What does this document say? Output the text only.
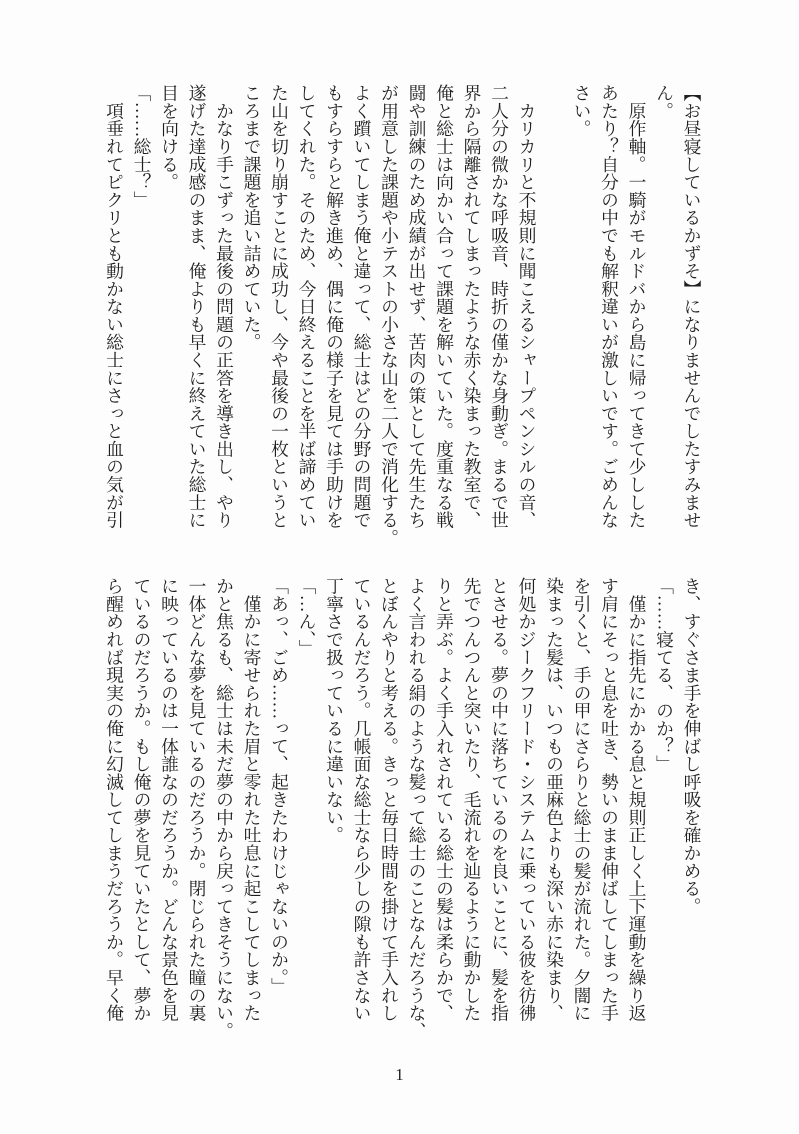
【お昼寝しているかずそ】になりませんでしたすみませ

ん。

　原作軸。一騎がモルドバから島に帰ってきて少しした

あたり？自分の中でも解釈違いが激しいです。ごめんな

さい。

　カリカリと不規則に聞こえるシャープペンシルの音、

二人分の微かな呼吸音、時折の僅かな身動ぎ。まるで世

界から隔離されてしまったような赤く染まった教室で、

俺と総士は向かい合って課題を解いていた。度重なる戦

闘や訓練のため成績が出せず、苦肉の策として先生たち

が用意した課題や小テストの小さな山を二人で消化する。

よく躓いてしまう俺と違って、総士はどの分野の問題で

もすらすらと解き進め、偶に俺の様子を見ては手助けを

してくれた。そのため、今日終えることを半ば諦めてい

た山を切り崩すことに成功し、今や最後の一枚というと

ころまで課題を追い詰めていた。

　かなり手こずった最後の問題の正答を導き出し、やり

遂げた達成感のまま、俺よりも早くに終えていた総士に

目を向ける。

「……総士？」

　項垂れてピクリとも動かない総士にさっと血の気が引

き、すぐさま手を伸ばし呼吸を確かめる。

「……寝てる、のか？」

　僅かに指先にかかる息と規則正しく上下運動を繰り返

す肩にそっと息を吐き、勢いのまま伸ばしてしまった手

を引くと、手の甲にさらりと総士の髪が流れた。夕闇に

染まった髪は、いつもの亜麻色よりも深い赤に染まり、

何処かジークフリード・システムに乗っている彼を彷彿

とさせる。夢の中に落ちているのを良いことに、髪を指

先でつんつんと突いたり、毛流れを辿るように動かした

りと弄ぶ。よく手入れされている総士の髪は柔らかで、

よく言われる絹のような髪って総士のことなんだろうな、

とぼんやりと考える。きっと毎日時間を掛けて手入れし

ているんだろう。几帳面な総士なら少しの隙も許さない

丁寧さで扱っているに違いない。

「…ん、」

「あっ、ごめ……って、起きたわけじゃないのか。」

　僅かに寄せられた眉と零れた吐息に起こしてしまった

かと焦るも、総士は未だ夢の中から戻ってきそうにない。

一体どんな夢を見ているのだろうか。閉じられた瞳の裏

に映っているのは一体誰なのだろうか。どんな景色を見

ているのだろうか。もし俺の夢を見ていたとして、夢か

ら醒めれば現実の俺に幻滅してしまうだろうか。早く俺

1
